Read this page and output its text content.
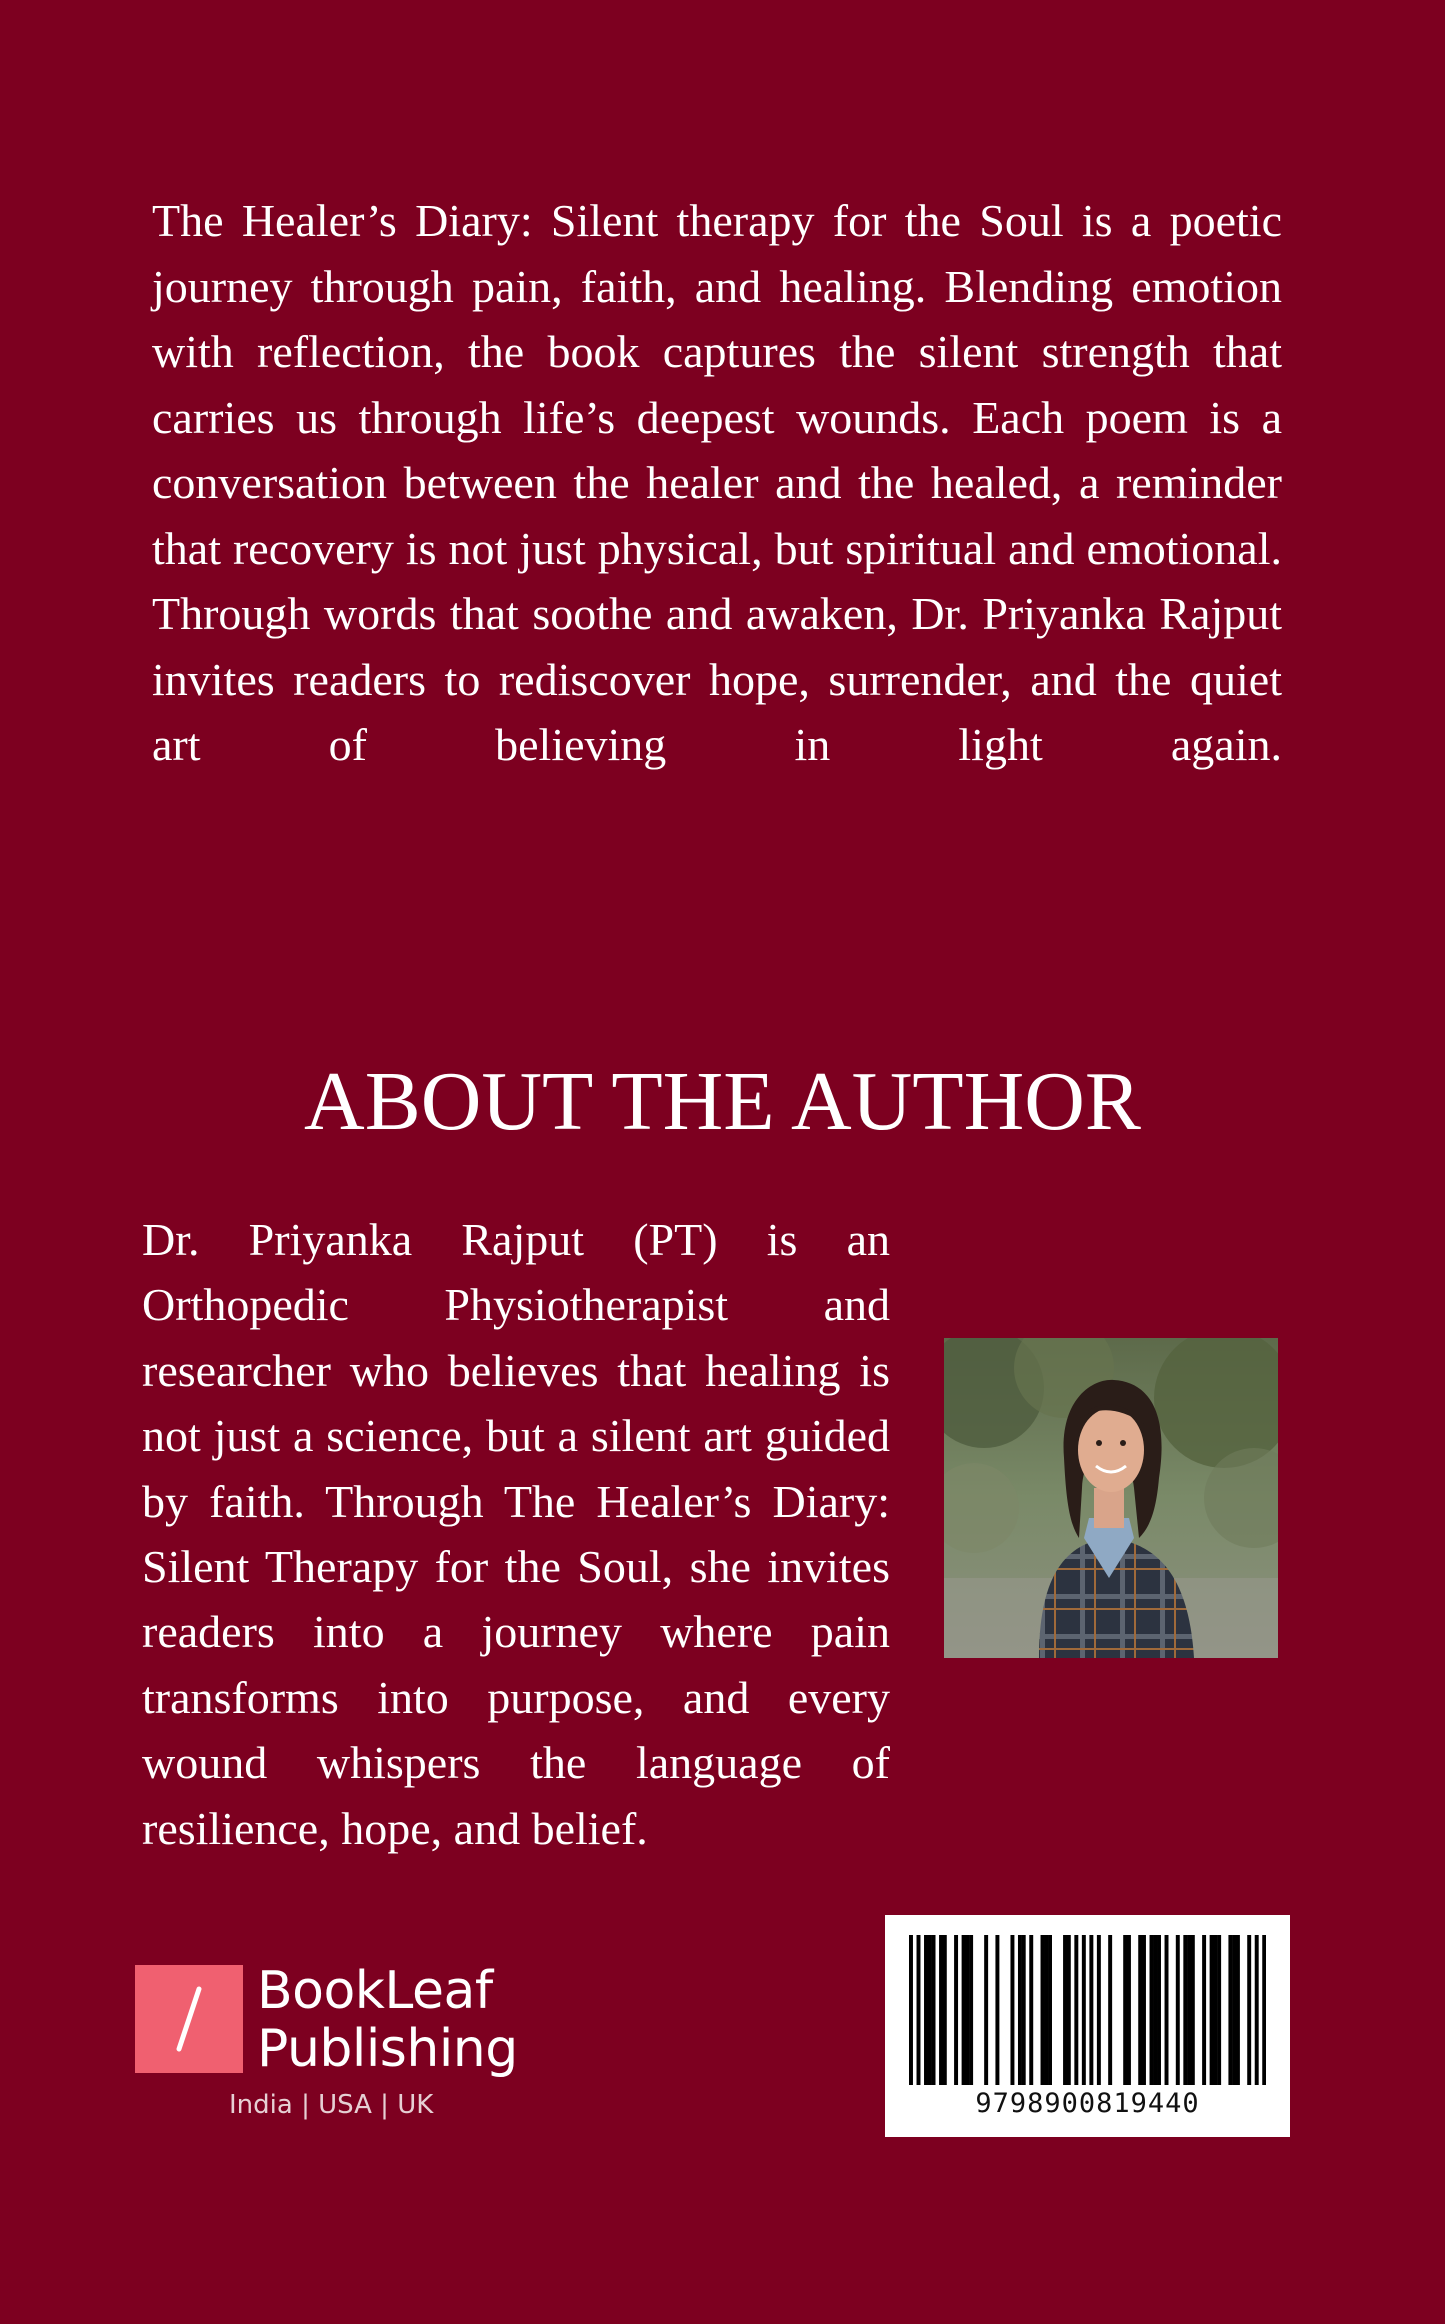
The Healer’s Diary: Silent therapy for the Soul is a poetic journey through pain, faith, and healing. Blending emotion with reflection, the book captures the silent strength that carries us through life’s deepest wounds. Each poem is a conversation between the healer and the healed, a reminder that recovery is not just physical, but spiritual and emotional. Through words that soothe and awaken, Dr. Priyanka Rajput invites readers to rediscover hope, surrender, and the quiet art of believing in light again.

ABOUT THE AUTHOR

Dr. Priyanka Rajput (PT) is an Orthopedic Physiotherapist and researcher who believes that healing is not just a science, but a silent art guided by faith. Through The Healer’s Diary: Silent Therapy for the Soul, she invites readers into a journey where pain transforms into purpose, and every wound whispers the language of resilience, hope, and belief.

BookLeaf
Publishing
India | USA | UK	9798900819440
